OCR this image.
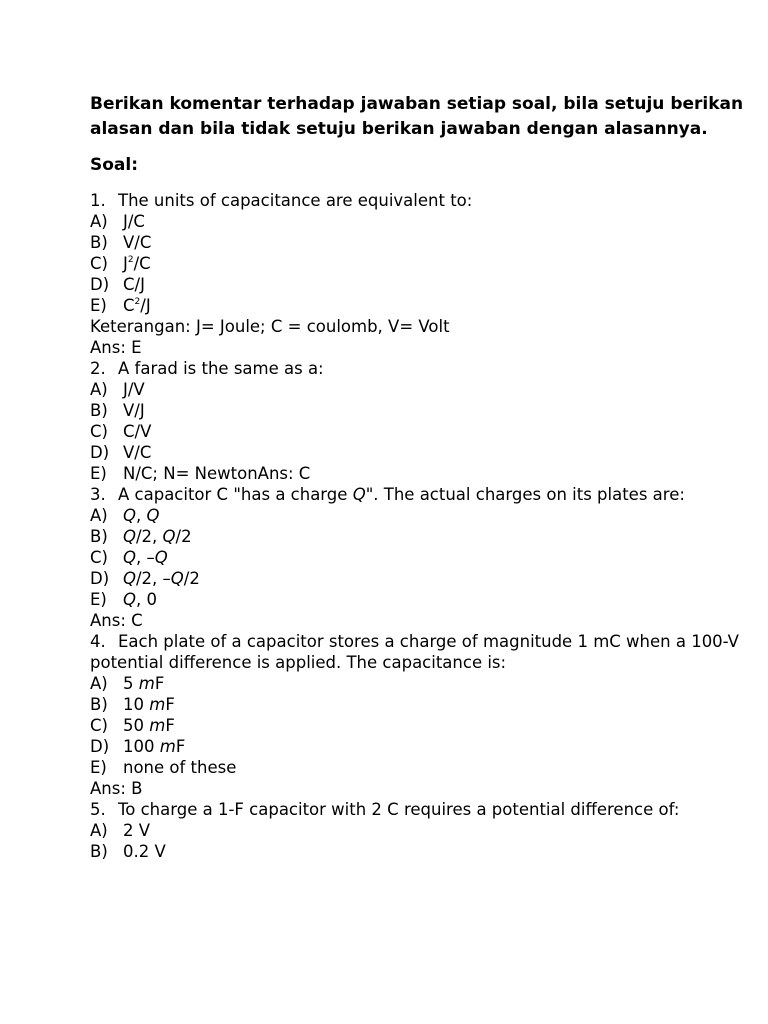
Berikan komentar terhadap jawaban setiap soal, bila setuju berikan alasan dan bila tidak setuju berikan jawaban dengan alasannya.

Soal:

1. The units of capacitance are equivalent to:
A) J/C
B) V/C
C) $J^2/C$
D) C/J
E) $C^2/J$
Keterangan: J= Joule; C = coulomb, V= Volt
Ans: E
2. A farad is the same as a:
A) J/V
B) V/J
C) C/V
D) V/C
E) N/C; N= NewtonAns: C
3. A capacitor C "has a charge Q". The actual charges on its plates are:
A) Q, Q
B) Q/2, Q/2
C) Q, –Q
D) Q/2, –Q/2
E) Q, 0
Ans: C
4. Each plate of a capacitor stores a charge of magnitude 1 mC when a 100-V potential difference is applied. The capacitance is:
A) 5 mF
B) 10 mF
C) 50 mF
D) 100 mF
E) none of these
Ans: B
5. To charge a 1-F capacitor with 2 C requires a potential difference of:
A) 2 V
B) 0.2 V
